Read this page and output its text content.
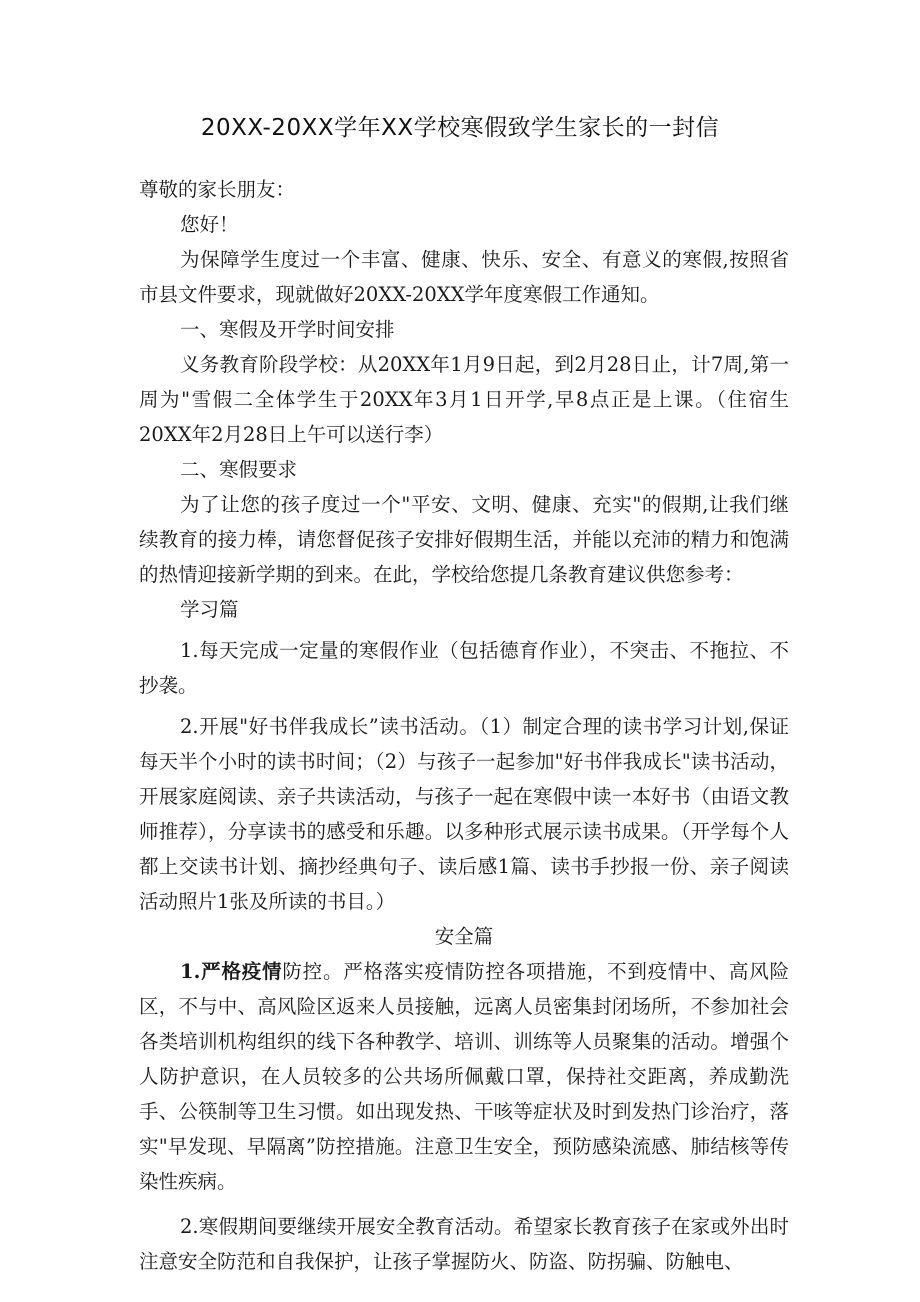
20XX-20XX学年XX学校寒假致学生家长的一封信

尊敬的家长朋友：

您好！

为保障学生度过一个丰富、健康、快乐、安全、有意义的寒假,按照省市县文件要求，现就做好20XX-20XX学年度寒假工作通知。

一、寒假及开学时间安排

义务教育阶段学校：从20XX年1月9日起，到2月28日止，计7周,第一周为"雪假二全体学生于20XX年3月1日开学,早8点正是上课。（住宿生20XX年2月28日上午可以送行李）

二、寒假要求

为了让您的孩子度过一个"平安、文明、健康、充实"的假期,让我们继续教育的接力棒，请您督促孩子安排好假期生活，并能以充沛的精力和饱满的热情迎接新学期的到来。在此，学校给您提几条教育建议供您参考：

学习篇

1.每天完成一定量的寒假作业（包括德育作业），不突击、不拖拉、不抄袭。

2.开展"好书伴我成长”读书活动。（1）制定合理的读书学习计划,保证每天半个小时的读书时间；（2）与孩子一起参加"好书伴我成长"读书活动，开展家庭阅读、亲子共读活动，与孩子一起在寒假中读一本好书（由语文教师推荐），分享读书的感受和乐趣。以多种形式展示读书成果。（开学每个人都上交读书计划、摘抄经典句子、读后感1篇、读书手抄报一份、亲子阅读活动照片1张及所读的书目。）

安全篇

1.严格疫情防控。严格落实疫情防控各项措施，不到疫情中、高风险区，不与中、高风险区返来人员接触，远离人员密集封闭场所，不参加社会各类培训机构组织的线下各种教学、培训、训练等人员聚集的活动。增强个人防护意识，在人员较多的公共场所佩戴口罩，保持社交距离，养成勤洗手、公筷制等卫生习惯。如出现发热、干咳等症状及时到发热门诊治疗，落实"早发现、早隔离”防控措施。注意卫生安全，预防感染流感、肺结核等传染性疾病。

2.寒假期间要继续开展安全教育活动。希望家长教育孩子在家或外出时注意安全防范和自我保护，让孩子掌握防火、防盗、防拐骗、防触电、
